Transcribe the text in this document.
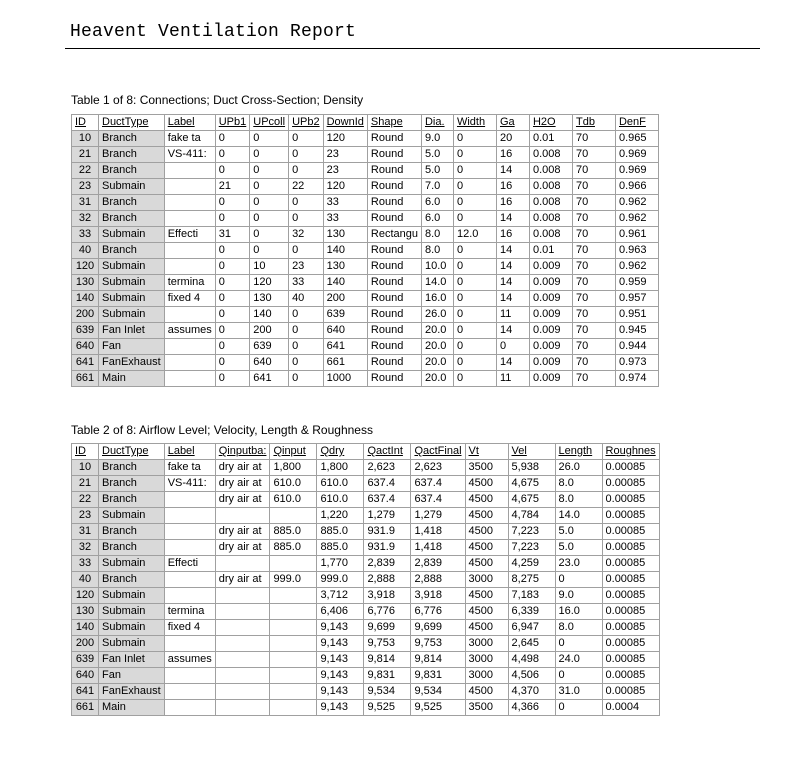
Heavent Ventilation Report
Table 1 of 8: Connections; Duct Cross-Section; Density
ID	DuctType	Label	UPb1	UPcoll	UPb2	DownId	Shape	Dia.	Width	Ga	H2O	Tdb	DenF
10	Branch	fake ta	0	0	0	120	Round	9.0	0	20	0.01	70	0.965
21	Branch	VS-411:	0	0	0	23	Round	5.0	0	16	0.008	70	0.969
22	Branch		0	0	0	23	Round	5.0	0	14	0.008	70	0.969
23	Submain		21	0	22	120	Round	7.0	0	16	0.008	70	0.966
31	Branch		0	0	0	33	Round	6.0	0	16	0.008	70	0.962
32	Branch		0	0	0	33	Round	6.0	0	14	0.008	70	0.962
33	Submain	Effecti	31	0	32	130	Rectangu	8.0	12.0	16	0.008	70	0.961
40	Branch		0	0	0	140	Round	8.0	0	14	0.01	70	0.963
120	Submain		0	10	23	130	Round	10.0	0	14	0.009	70	0.962
130	Submain	termina	0	120	33	140	Round	14.0	0	14	0.009	70	0.959
140	Submain	fixed 4	0	130	40	200	Round	16.0	0	14	0.009	70	0.957
200	Submain		0	140	0	639	Round	26.0	0	11	0.009	70	0.951
639	Fan Inlet	assumes	0	200	0	640	Round	20.0	0	14	0.009	70	0.945
640	Fan		0	639	0	641	Round	20.0	0	0	0.009	70	0.944
641	FanExhaust		0	640	0	661	Round	20.0	0	14	0.009	70	0.973
661	Main		0	641	0	1000	Round	20.0	0	11	0.009	70	0.974
Table 2 of 8: Airflow Level; Velocity, Length & Roughness
ID	DuctType	Label	Qinputba:	Qinput	Qdry	QactInt	QactFinal	Vt	Vel	Length	Roughnes
10	Branch	fake ta	dry air at	1,800	1,800	2,623	2,623	3500	5,938	26.0	0.00085
21	Branch	VS-411:	dry air at	610.0	610.0	637.4	637.4	4500	4,675	8.0	0.00085
22	Branch		dry air at	610.0	610.0	637.4	637.4	4500	4,675	8.0	0.00085
23	Submain				1,220	1,279	1,279	4500	4,784	14.0	0.00085
31	Branch		dry air at	885.0	885.0	931.9	1,418	4500	7,223	5.0	0.00085
32	Branch		dry air at	885.0	885.0	931.9	1,418	4500	7,223	5.0	0.00085
33	Submain	Effecti			1,770	2,839	2,839	4500	4,259	23.0	0.00085
40	Branch		dry air at	999.0	999.0	2,888	2,888	3000	8,275	0	0.00085
120	Submain				3,712	3,918	3,918	4500	7,183	9.0	0.00085
130	Submain	termina			6,406	6,776	6,776	4500	6,339	16.0	0.00085
140	Submain	fixed 4			9,143	9,699	9,699	4500	6,947	8.0	0.00085
200	Submain				9,143	9,753	9,753	3000	2,645	0	0.00085
639	Fan Inlet	assumes			9,143	9,814	9,814	3000	4,498	24.0	0.00085
640	Fan				9,143	9,831	9,831	3000	4,506	0	0.00085
641	FanExhaust				9,143	9,534	9,534	4500	4,370	31.0	0.00085
661	Main				9,143	9,525	9,525	3500	4,366	0	0.0004
